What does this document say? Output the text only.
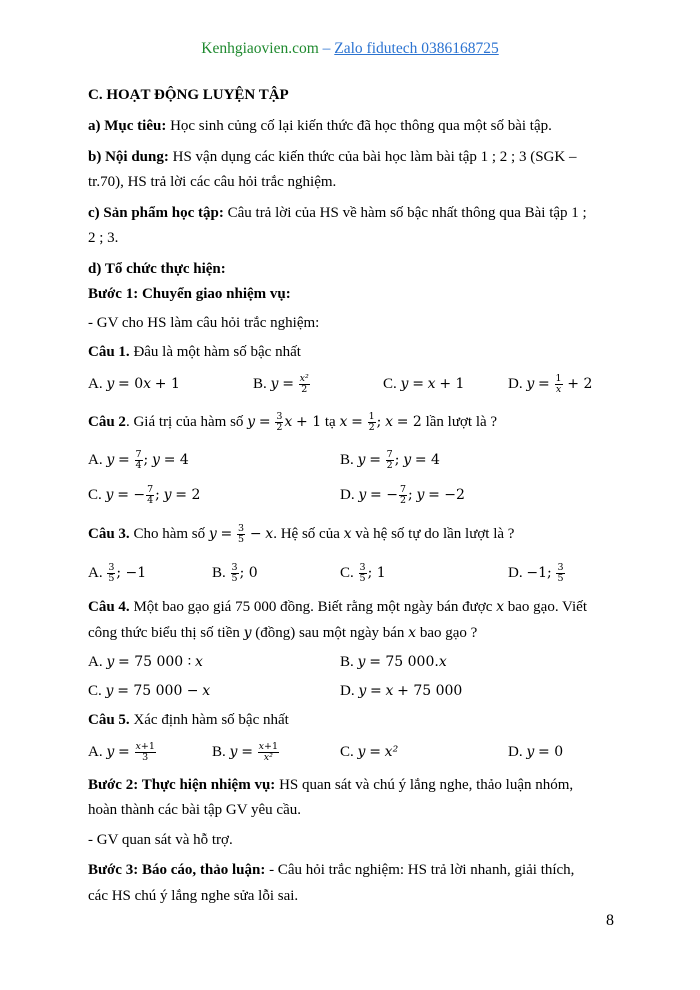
Kenhgiaovien.com – Zalo fidutech 0386168725
C. HOẠT ĐỘNG LUYỆN TẬP
a) Mục tiêu: Học sinh củng cố lại kiến thức đã học thông qua một số bài tập.
b) Nội dung: HS vận dụng các kiến thức của bài học làm bài tập 1 ; 2 ; 3 (SGK –
tr.70), HS trả lời các câu hỏi trắc nghiệm.
c) Sản phẩm học tập: Câu trả lời của HS về hàm số bậc nhất thông qua Bài tập 1 ;
2 ; 3.
d) Tổ chức thực hiện:
Bước 1: Chuyển giao nhiệm vụ:
- GV cho HS làm câu hỏi trắc nghiệm:
Câu 1. Đâu là một hàm số bậc nhất
A. y = 0x + 1	B. $y = \frac{\text{x²}}{2}$	C. y = x + 1	D. $y = \frac{1}{x} + 2$
Câu 2. Giá trị của hàm số $y = \frac{3}{2}$ x + 1 tạ $x = \frac{1}{2}$ ; x = 2 lần lượt là ?
A. $y = \frac{7}{4}$ ; y = 4	B. $y = \frac{7}{2}$ ; y = 4
C. y = − $\frac{7}{4}$ ; y = 2	D. y = − $\frac{7}{2}$ ; y = −2
Câu 3. Cho hàm số $y = \frac{3}{5} - x$. Hệ số của x và hệ số tự do lần lượt là ?
A. $\frac{3}{5}$ ; −1	B. $\frac{3}{5}$ ; 0	C. $\frac{3}{5}$ ; 1	D. −1; $\frac{3}{5}$
Câu 4. Một bao gạo giá 75 000 đồng. Biết rằng một ngày bán được x bao gạo. Viết
công thức biểu thị số tiền y (đồng) sau một ngày bán x bao gạo ?
A. y = 75 000 ∶ x	B. y = 75 000.x
C. y = 75 000 − x	D. y = x + 75 000
Câu 5. Xác định hàm số bậc nhất
A. $y = \frac{x+1}{3}$	B. $y = \frac{x+1}{\text{x²}}$	C. y = x²	D. y = 0
Bước 2: Thực hiện nhiệm vụ: HS quan sát và chú ý lắng nghe, thảo luận nhóm,
hoàn thành các bài tập GV yêu cầu.
- GV quan sát và hỗ trợ.
Bước 3: Báo cáo, thảo luận: - Câu hỏi trắc nghiệm: HS trả lời nhanh, giải thích,
các HS chú ý lắng nghe sửa lỗi sai.
8
